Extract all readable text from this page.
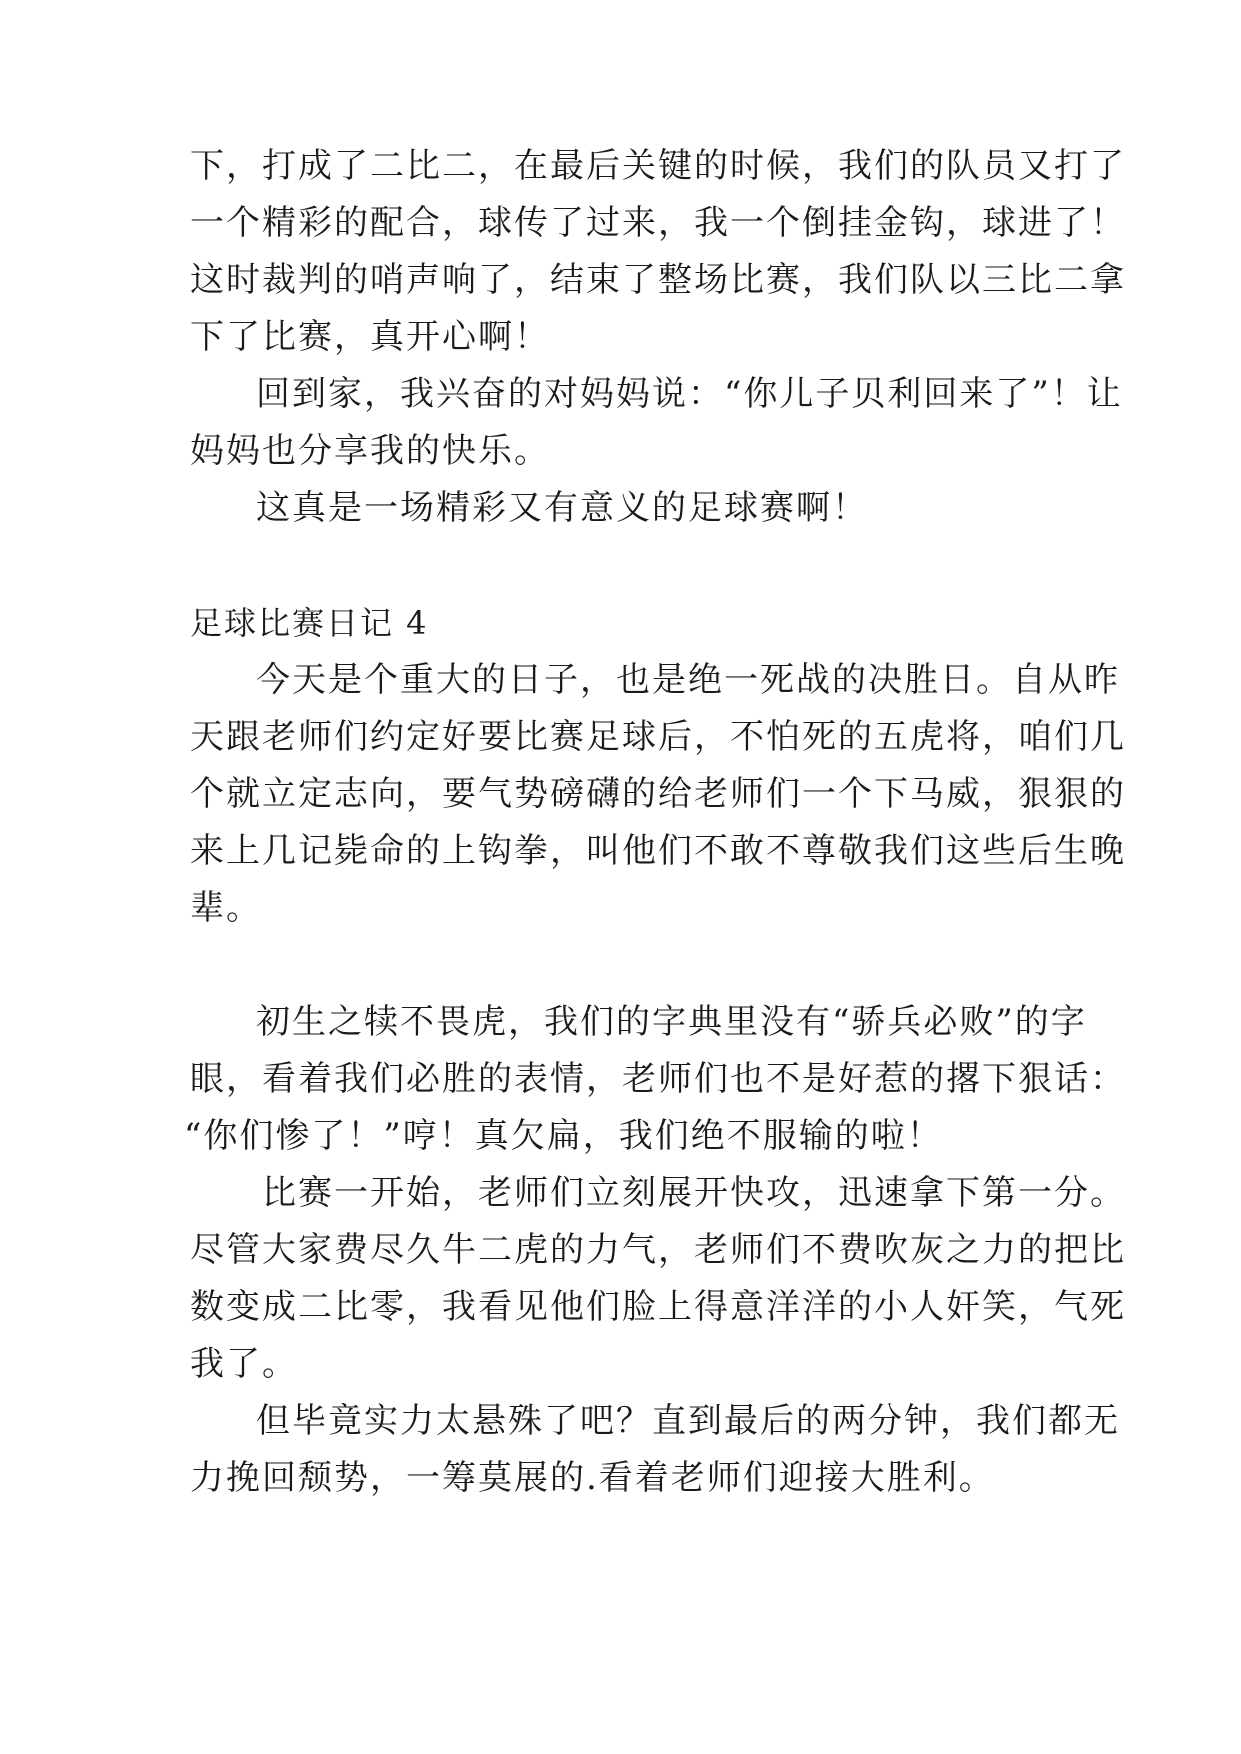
下，打成了二比二，在最后关键的时候，我们的队员又打了
一个精彩的配合，球传了过来，我一个倒挂金钩，球进了！
这时裁判的哨声响了，结束了整场比赛，我们队以三比二拿
下了比赛，真开心啊！
回到家，我兴奋的对妈妈说：“你儿子贝利回来了”！让
妈妈也分享我的快乐。
这真是一场精彩又有意义的足球赛啊！
足球比赛日记 4
今天是个重大的日子，也是绝一死战的决胜日。自从昨
天跟老师们约定好要比赛足球后，不怕死的五虎将，咱们几
个就立定志向，要气势磅礴的给老师们一个下马威，狠狠的
来上几记毙命的上钩拳，叫他们不敢不尊敬我们这些后生晚
辈。
初生之犊不畏虎，我们的字典里没有“骄兵必败”的字
眼，看着我们必胜的表情，老师们也不是好惹的撂下狠话：
“你们惨了！”哼！真欠扁，我们绝不服输的啦！
比赛一开始，老师们立刻展开快攻，迅速拿下第一分。
尽管大家费尽久牛二虎的力气，老师们不费吹灰之力的把比
数变成二比零，我看见他们脸上得意洋洋的小人奸笑，气死
我了。
但毕竟实力太悬殊了吧？直到最后的两分钟，我们都无
力挽回颓势，一筹莫展的.看着老师们迎接大胜利。
